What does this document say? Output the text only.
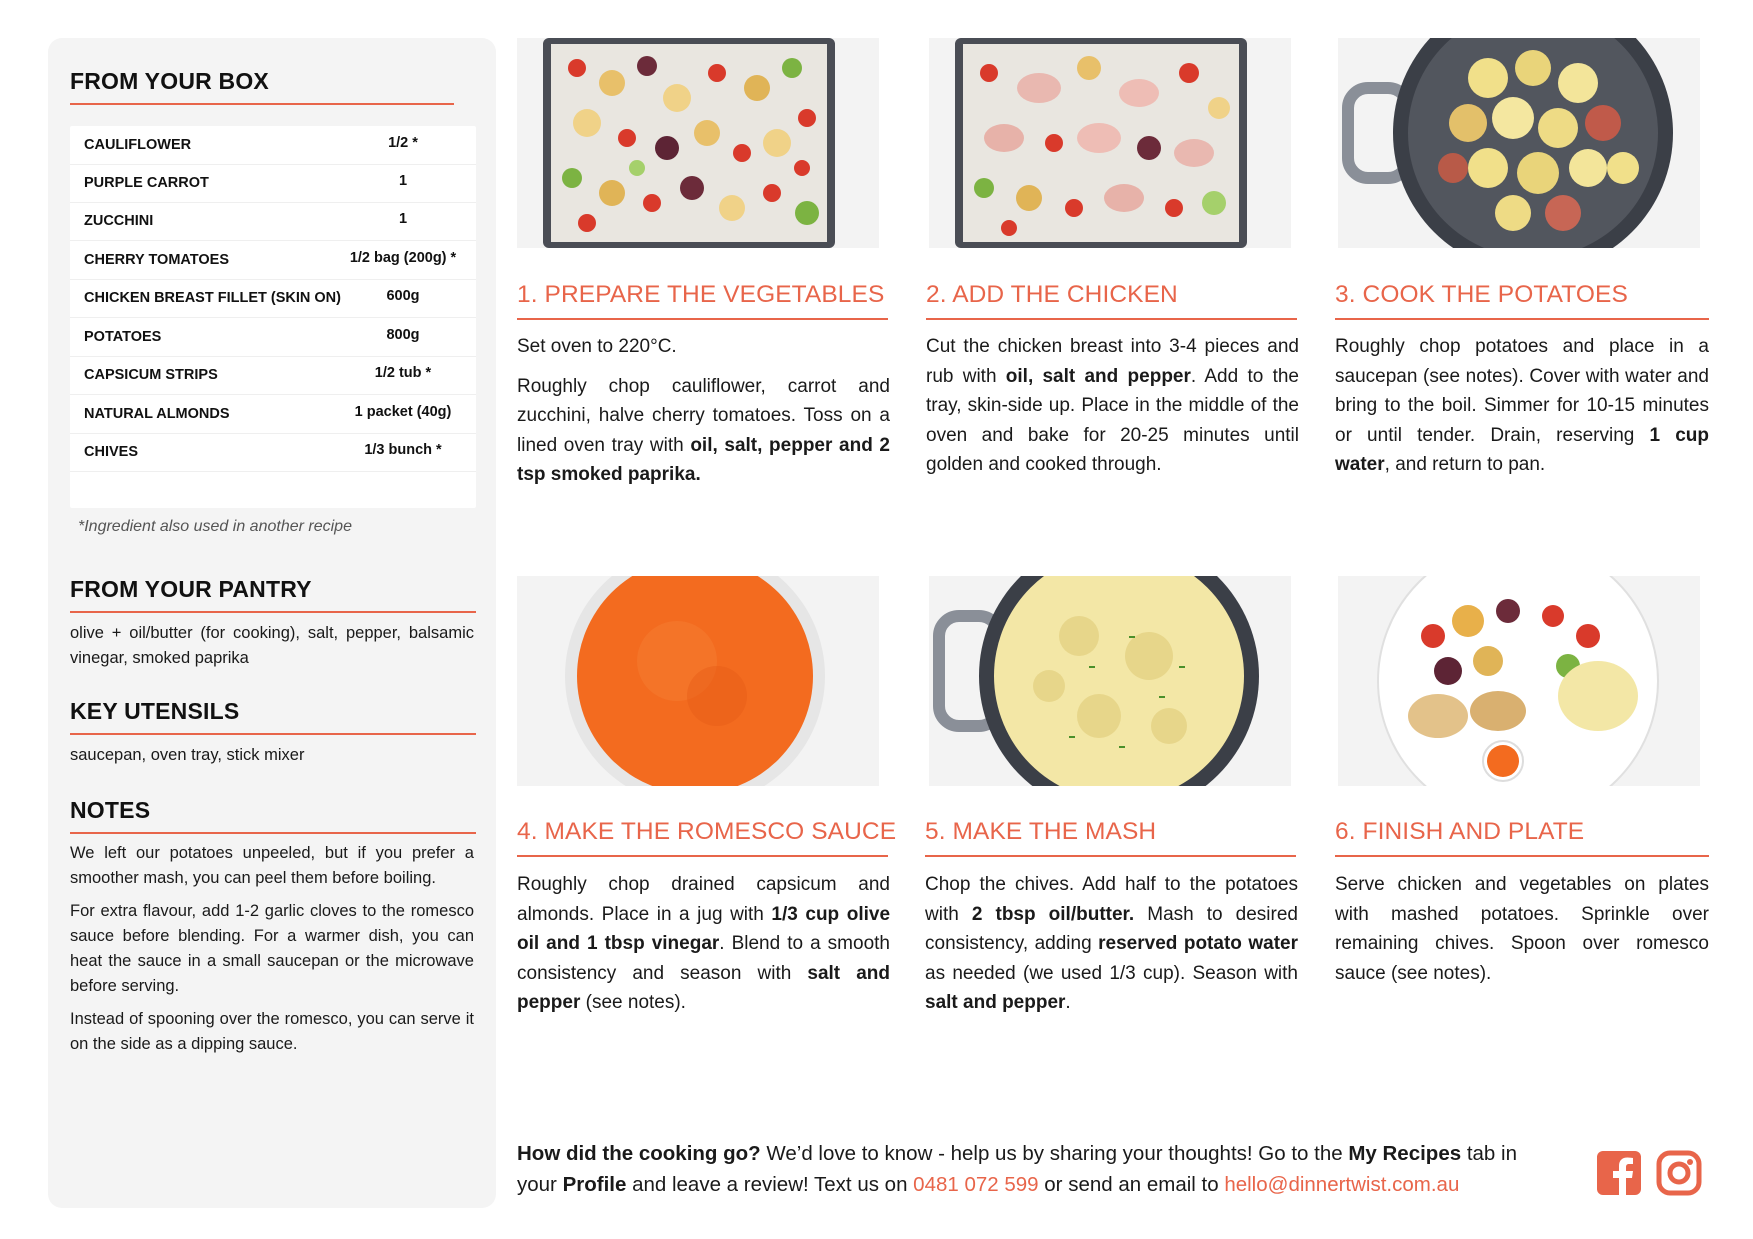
FROM YOUR BOX
CAULIFLOWER	1/2 *
PURPLE CARROT	1
ZUCCHINI	1
CHERRY TOMATOES	1/2 bag (200g) *
CHICKEN BREAST FILLET (SKIN ON)	600g
POTATOES	800g
CAPSICUM STRIPS	1/2 tub *
NATURAL ALMONDS	1 packet (40g)
CHIVES	1/3 bunch *
*Ingredient also used in another recipe
FROM YOUR PANTRY
olive + oil/butter (for cooking), salt, pepper, balsamic vinegar, smoked paprika
KEY UTENSILS
saucepan, oven tray, stick mixer
NOTES
We left our potatoes unpeeled, but if you prefer a smoother mash, you can peel them before boiling.
For extra flavour, add 1-2 garlic cloves to the romesco sauce before blending. For a warmer dish, you can heat the sauce in a small saucepan or the microwave before serving.
Instead of spooning over the romesco, you can serve it on the side as a dipping sauce.
1. PREPARE THE VEGETABLES 2. ADD THE CHICKEN	3. COOK THE POTATOES
4. MAKE THE ROMESCO SAUCE 5. MAKE THE MASH	6. FINISH AND PLATE

Set oven to 220°C.

Roughly chop cauliflower, carrot and zucchini, halve cherry tomatoes. Toss on a lined oven tray with oil, salt, pepper and 2 tsp smoked paprika.

Cut the chicken breast into 3-4 pieces and rub with oil, salt and pepper. Add to the tray, skin-side up. Place in the middle of the oven and bake for 20-25 minutes until golden and cooked through.

Roughly chop potatoes and place in a saucepan (see notes). Cover with water and bring to the boil. Simmer for 10-15 minutes or until tender. Drain, reserving 1 cup water, and return to pan.

Roughly chop drained capsicum and almonds. Place in a jug with 1/3 cup olive oil and 1 tbsp vinegar. Blend to a smooth consistency and season with salt and pepper (see notes).

Chop the chives. Add half to the potatoes with 2 tbsp oil/butter. Mash to desired consistency, adding reserved potato water as needed (we used 1/3 cup). Season with salt and pepper.

Serve chicken and vegetables on plates with mashed potatoes. Sprinkle over remaining chives. Spoon over romesco sauce (see notes).

How did the cooking go? We’d love to know - help us by sharing your thoughts! Go to the My Recipes tab in your Profile and leave a review! Text us on 0481 072 599 or send an email to hello@dinnertwist.com.au
